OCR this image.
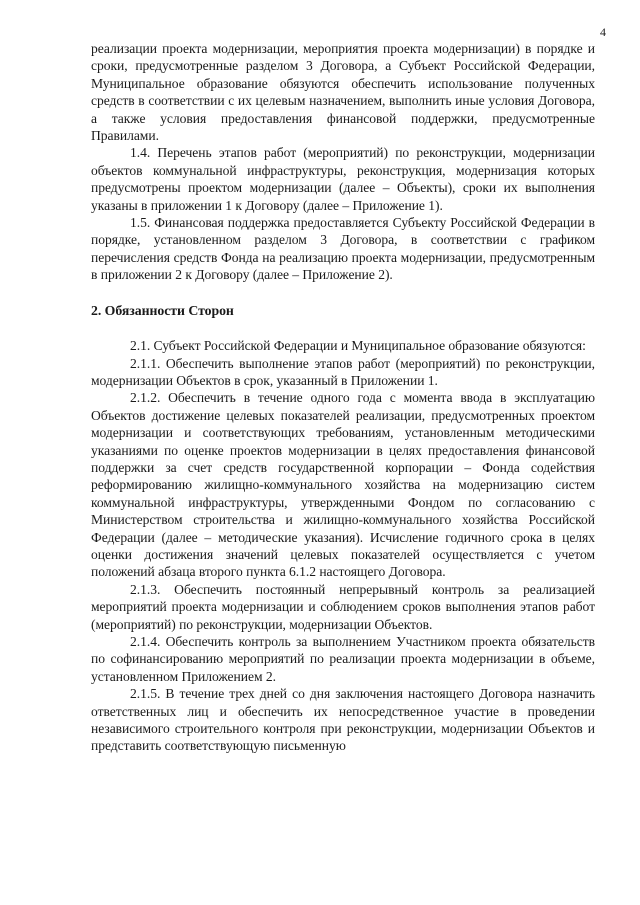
4

реализации проекта модернизации, мероприятия проекта модернизации) в порядке и сроки, предусмотренные разделом 3 Договора, а Субъект Российской Федерации, Муниципальное образование обязуются обеспечить использование полученных средств в соответствии с их целевым назначением, выполнить иные условия Договора, а также условия предоставления финансовой поддержки, предусмотренные Правилами.

1.4. Перечень этапов работ (мероприятий) по реконструкции, модернизации объектов коммунальной инфраструктуры, реконструкция, модернизация которых предусмотрены проектом модернизации (далее – Объекты), сроки их выполнения указаны в приложении 1 к Договору (далее – Приложение 1).

1.5. Финансовая поддержка предоставляется Субъекту Российской Федерации в порядке, установленном разделом 3 Договора, в соответствии с графиком перечисления средств Фонда на реализацию проекта модернизации, предусмотренным в приложении 2 к Договору (далее – Приложение 2).

2. Обязанности Сторон

2.1. Субъект Российской Федерации и Муниципальное образование обязуются:

2.1.1. Обеспечить выполнение этапов работ (мероприятий) по реконструкции, модернизации Объектов в срок, указанный в Приложении 1.

2.1.2. Обеспечить в течение одного года с момента ввода в эксплуатацию Объектов достижение целевых показателей реализации, предусмотренных проектом модернизации и соответствующих требованиям, установленным методическими указаниями по оценке проектов модернизации в целях предоставления финансовой поддержки за счет средств государственной корпорации – Фонда содействия реформированию жилищно-коммунального хозяйства на модернизацию систем коммунальной инфраструктуры, утвержденными Фондом по согласованию с Министерством строительства и жилищно-коммунального хозяйства Российской Федерации (далее – методические указания). Исчисление годичного срока в целях оценки достижения значений целевых показателей осуществляется с учетом положений абзаца второго пункта 6.1.2 настоящего Договора.

2.1.3. Обеспечить постоянный непрерывный контроль за реализацией мероприятий проекта модернизации и соблюдением сроков выполнения этапов работ (мероприятий) по реконструкции, модернизации Объектов.

2.1.4. Обеспечить контроль за выполнением Участником проекта обязательств по софинансированию мероприятий по реализации проекта модернизации в объеме, установленном Приложением 2.

2.1.5. В течение трех дней со дня заключения настоящего Договора назначить ответственных лиц и обеспечить их непосредственное участие в проведении независимого строительного контроля при реконструкции, модернизации Объектов и представить соответствующую письменную
